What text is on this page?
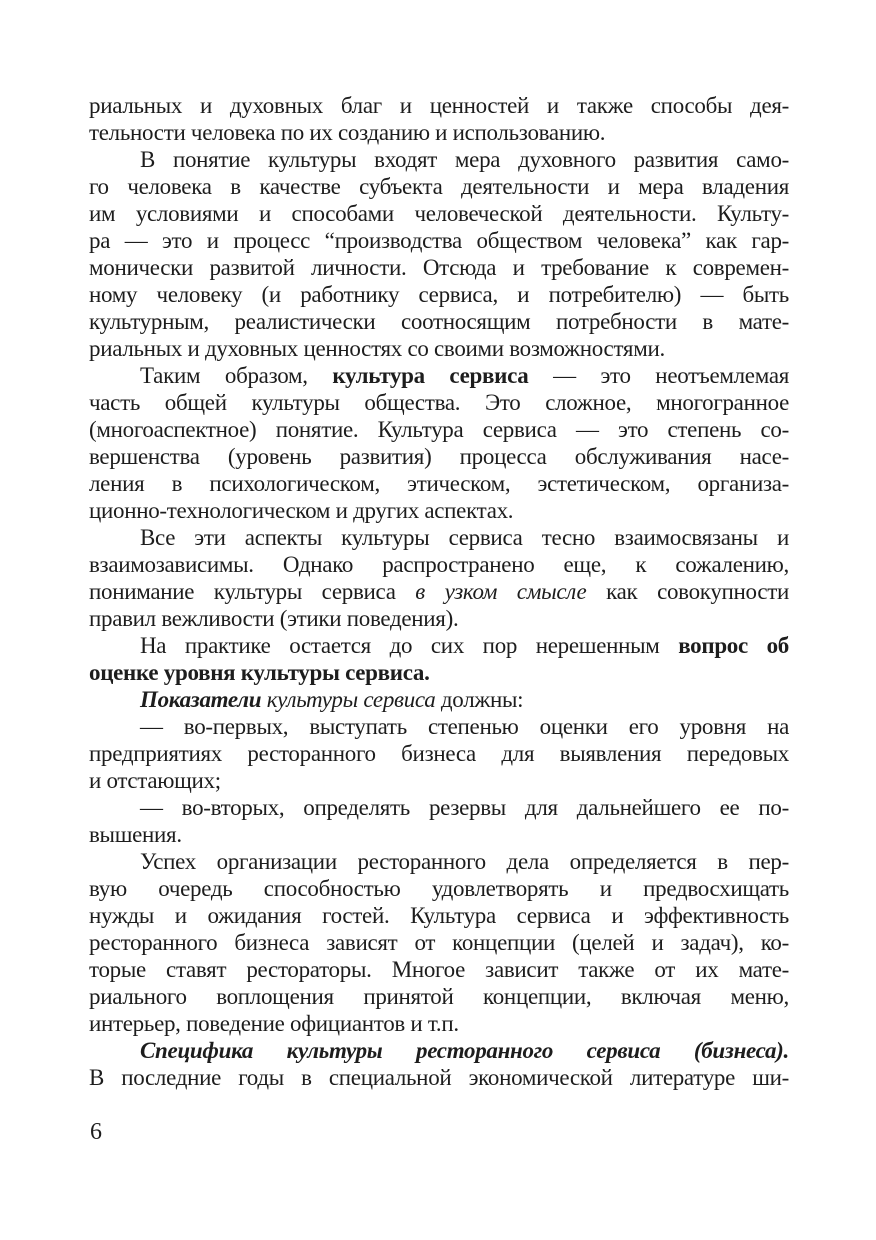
риальных и духовных благ и ценностей и также способы дея-
тельности человека по их созданию и использованию.
В понятие культуры входят мера духовного развития само-
го человека в качестве субъекта деятельности и мера владения
им условиями и способами человеческой деятельности. Культу-
ра — это и процесс “производства обществом человека” как гар-
монически развитой личности. Отсюда и требование к современ-
ному человеку (и работнику сервиса, и потребителю) — быть
культурным, реалистически соотносящим потребности в мате-
риальных и духовных ценностях со своими возможностями.
Таким образом, культура сервиса — это неотъемлемая
часть общей культуры общества. Это сложное, многогранное
(многоаспектное) понятие. Культура сервиса — это степень со-
вершенства (уровень развития) процесса обслуживания насе-
ления в психологическом, этическом, эстетическом, организа-
ционно-технологическом и других аспектах.
Все эти аспекты культуры сервиса тесно взаимосвязаны и
взаимозависимы. Однако распространено еще, к сожалению,
понимание культуры сервиса в узком смысле как совокупности
правил вежливости (этики поведения).
На практике остается до сих пор нерешенным вопрос об
оценке уровня культуры сервиса.
Показатели культуры сервиса должны:
— во-первых, выступать степенью оценки его уровня на
предприятиях ресторанного бизнеса для выявления передовых
и отстающих;
— во-вторых, определять резервы для дальнейшего ее по-
вышения.
Успех организации ресторанного дела определяется в пер-
вую очередь способностью удовлетворять и предвосхищать
нужды и ожидания гостей. Культура сервиса и эффективность
ресторанного бизнеса зависят от концепции (целей и задач), ко-
торые ставят рестораторы. Многое зависит также от их мате-
риального воплощения принятой концепции, включая меню,
интерьер, поведение официантов и т.п.
Специфика культуры ресторанного сервиса (бизнеса).
В последние годы в специальной экономической литературе ши-
6
